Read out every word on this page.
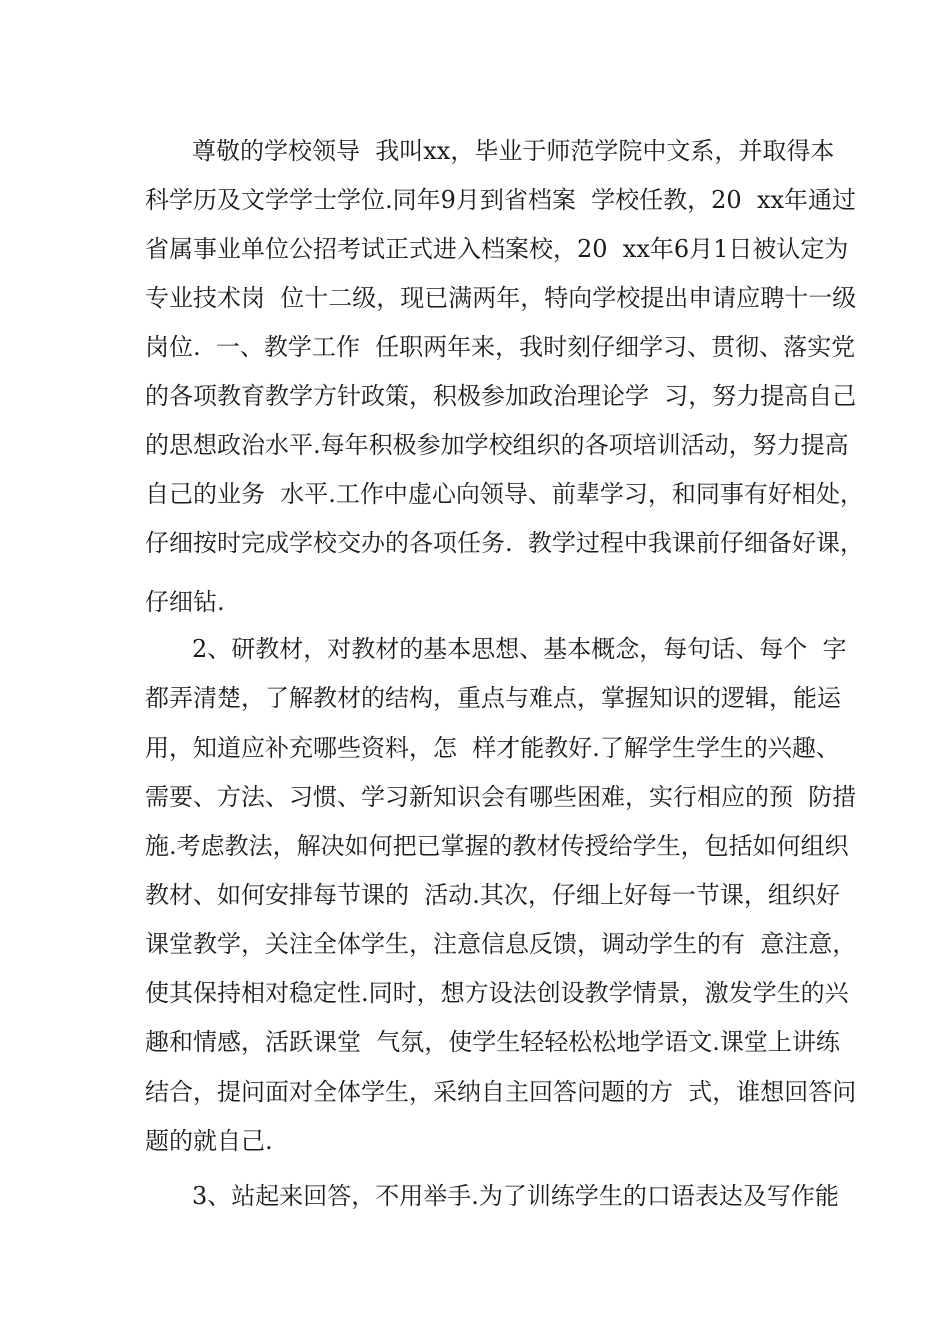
尊敬的学校领导  我叫xx，毕业于师范学院中文系，并取得本
科学历及文学学士学位.同年9月到省档案  学校任教，20  xx年通过
省属事业单位公招考试正式进入档案校，20  xx年6月1日被认定为
专业技术岗  位十二级，现已满两年，特向学校提出申请应聘十一级
岗位.  一、教学工作  任职两年来，我时刻仔细学习、贯彻、落实党
的各项教育教学方针政策，积极参加政治理论学  习，努力提高自己
的思想政治水平.每年积极参加学校组织的各项培训活动，努力提高
自己的业务  水平.工作中虚心向领导、前辈学习，和同事有好相处，
仔细按时完成学校交办的各项任务.  教学过程中我课前仔细备好课，
仔细钻.
2、研教材，对教材的基本思想、基本概念，每句话、每个  字
都弄清楚，了解教材的结构，重点与难点，掌握知识的逻辑，能运
用，知道应补充哪些资料，怎  样才能教好.了解学生学生的兴趣、
需要、方法、习惯、学习新知识会有哪些困难，实行相应的预  防措
施.考虑教法，解决如何把已掌握的教材传授给学生，包括如何组织
教材、如何安排每节课的  活动.其次，仔细上好每一节课，组织好
课堂教学，关注全体学生，注意信息反馈，调动学生的有  意注意，
使其保持相对稳定性.同时，想方设法创设教学情景，激发学生的兴
趣和情感，活跃课堂  气氛，使学生轻轻松松地学语文.课堂上讲练
结合，提问面对全体学生，采纳自主回答问题的方  式，谁想回答问
题的就自己.
3、站起来回答，不用举手.为了训练学生的口语表达及写作能
